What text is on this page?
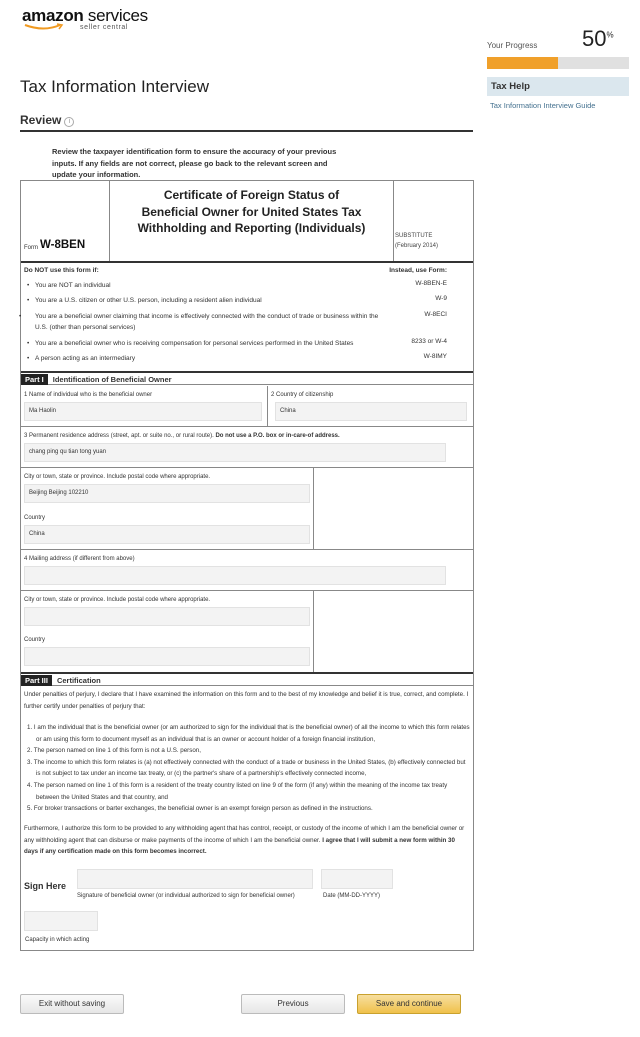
amazon services
seller central
Your Progress 50%
Tax Help
Tax Information Interview Guide
Tax Information Interview
Review i
Review the taxpayer identification form to ensure the accuracy of your previous inputs. If any fields are not correct, please go back to the relevant screen and update your information.
Form W-8BEN
Certificate of Foreign Status of Beneficial Owner for United States Tax Withholding and Reporting (Individuals)
SUBSTITUTE
(February 2014)
Do NOT use this form if:	Instead, use Form:
• You are NOT an individual	W-8BEN-E
• You are a U.S. citizen or other U.S. person, including a resident alien individual	W-9
• You are a beneficial owner claiming that income is effectively connected with the conduct of trade or business within the U.S. (other than personal services)
W-8ECI
• You are a beneficial owner who is receiving compensation for personal services performed in the United States	8233 or W-4
• A person acting as an intermediary	W-8IMY
Part I Identification of Beneficial Owner
1 Name of individual who is the beneficial owner
Ma Haolin
2 Country of citizenship
China
3 Permanent residence address (street, apt. or suite no., or rural route). Do not use a P.O. box or in-care-of address.
chang ping qu tian tong yuan
City or town, state or province. Include postal code where appropriate.
Beijing Beijing 102210
Country
China
4 Mailing address (if different from above)
City or town, state or province. Include postal code where appropriate.
Country
Part III Certification
Under penalties of perjury, I declare that I have examined the information on this form and to the best of my knowledge and belief it is true, correct, and complete. I further certify under penalties of perjury that:
1. I am the individual that is the beneficial owner (or am authorized to sign for the individual that is the beneficial owner) of all the income to which this form relates or am using this form to document myself as an individual that is an owner or account holder of a foreign financial institution,
2. The person named on line 1 of this form is not a U.S. person,
3. The income to which this form relates is (a) not effectively connected with the conduct of a trade or business in the United States, (b) effectively connected but is not subject to tax under an income tax treaty, or (c) the partner's share of a partnership's effectively connected income,
4. The person named on line 1 of this form is a resident of the treaty country listed on line 9 of the form (if any) within the meaning of the income tax treaty between the United States and that country, and
5. For broker transactions or barter exchanges, the beneficial owner is an exempt foreign person as defined in the instructions.
Furthermore, I authorize this form to be provided to any withholding agent that has control, receipt, or custody of the income of which I am the beneficial owner or any withholding agent that can disburse or make payments of the income of which I am the beneficial owner. I agree that I will submit a new form within 30 days if any certification made on this form becomes incorrect.
Sign Here
Signature of beneficial owner (or individual authorized to sign for beneficial owner)	Date (MM-DD-YYYY)
Capacity in which acting
Exit without saving	Previous	Save and continue
